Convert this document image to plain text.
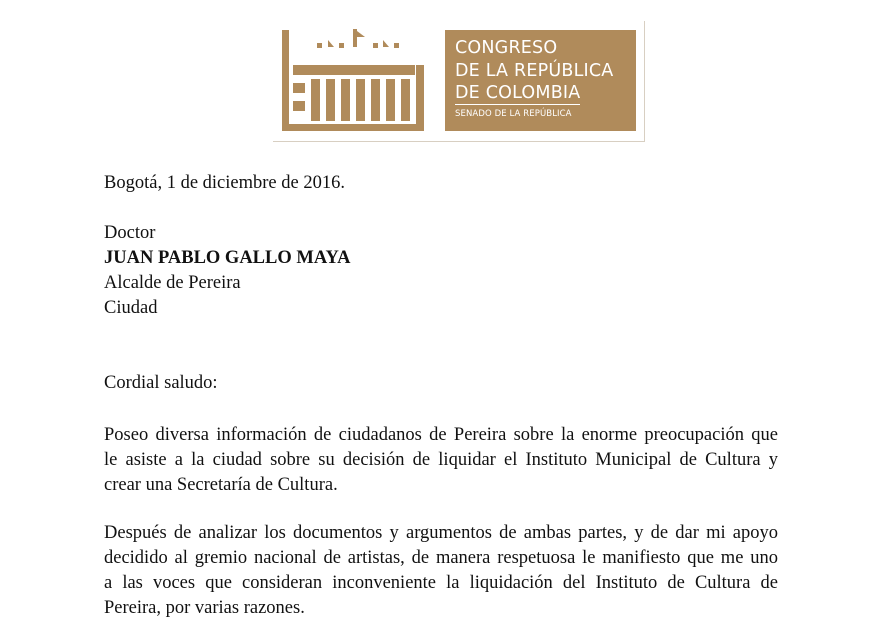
CONGRESO
DE LA REPÚBLICA
DE COLOMBIA
SENADO DE LA REPÚBLICA
Bogotá, 1 de diciembre de 2016.
Doctor
JUAN PABLO GALLO MAYA
Alcalde de Pereira
Ciudad
Cordial saludo:
Poseo diversa información de ciudadanos de Pereira sobre la enorme preocupación que
le asiste a la ciudad sobre su decisión de liquidar el Instituto Municipal de Cultura y
crear una Secretaría de Cultura.
Después de analizar los documentos y argumentos de ambas partes, y de dar mi apoyo
decidido al gremio nacional de artistas, de manera respetuosa le manifiesto que me uno
a las voces que consideran inconveniente la liquidación del Instituto de Cultura de
Pereira, por varias razones.
